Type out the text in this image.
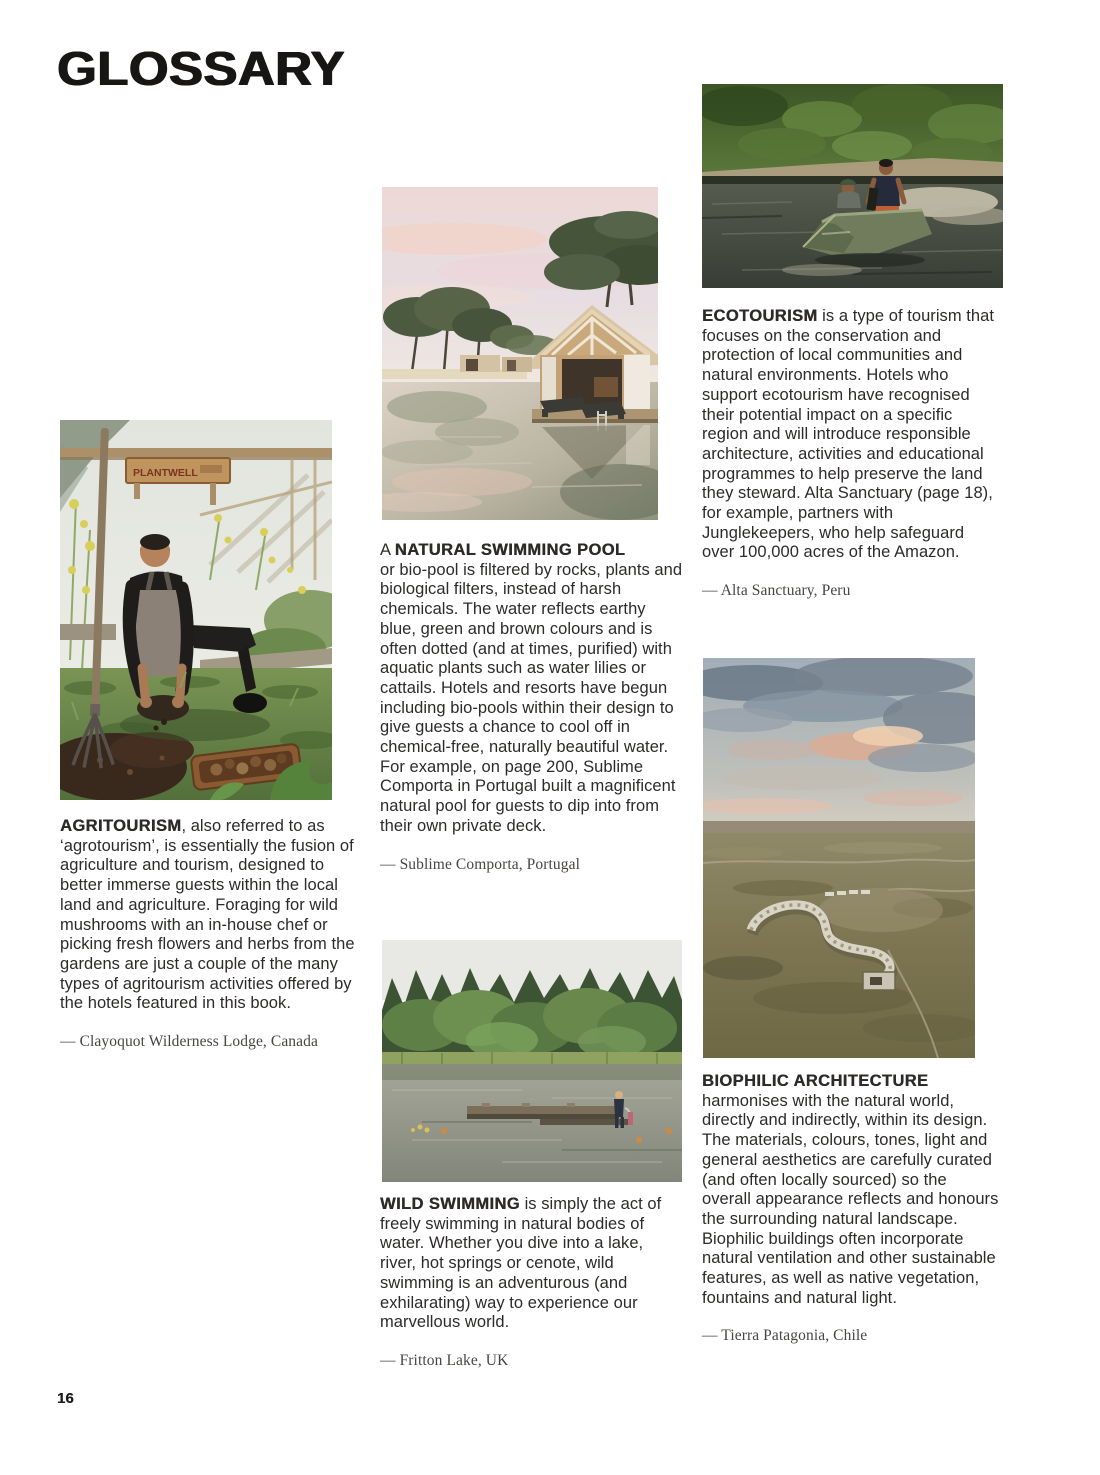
GLOSSARY
PLANTWELL

AGRITOURISM, also referred to as ‘agrotourism’, is essentially the fusion of agriculture and tourism, designed to better immerse guests within the local land and agriculture. Foraging for wild mushrooms with an in-house chef or picking fresh flowers and herbs from the gardens are just a couple of the many types of agritourism activities offered by the hotels featured in this book.

— Clayoquot Wilderness Lodge, Canada

A NATURAL SWIMMING POOL
or bio-pool is filtered by rocks, plants and biological filters, instead of harsh chemicals. The water reflects earthy blue, green and brown colours and is often dotted (and at times, purified) with aquatic plants such as water lilies or cattails. Hotels and resorts have begun including bio-pools within their design to give guests a chance to cool off in chemical-free, naturally beautiful water. For example, on page 200, Sublime Comporta in Portugal built a magnificent natural pool for guests to dip into from their own private deck.

— Sublime Comporta, Portugal

WILD SWIMMING is simply the act of freely swimming in natural bodies of water. Whether you dive into a lake, river, hot springs or cenote, wild swimming is an adventurous (and exhilarating) way to experience our marvellous world.

— Fritton Lake, UK

ECOTOURISM is a type of tourism that focuses on the conservation and protection of local communities and natural environments. Hotels who support ecotourism have recognised their potential impact on a specific region and will introduce responsible architecture, activities and educational programmes to help preserve the land they steward. Alta Sanctuary (page 18), for example, partners with Junglekeepers, who help safeguard over 100,000 acres of the Amazon.

— Alta Sanctuary, Peru

BIOPHILIC ARCHITECTURE
harmonises with the natural world, directly and indirectly, within its design. The materials, colours, tones, light and general aesthetics are carefully curated (and often locally sourced) so the overall appearance reflects and honours the surrounding natural landscape. Biophilic buildings often incorporate natural ventilation and other sustainable features, as well as native vegetation, fountains and natural light.

— Tierra Patagonia, Chile

16
